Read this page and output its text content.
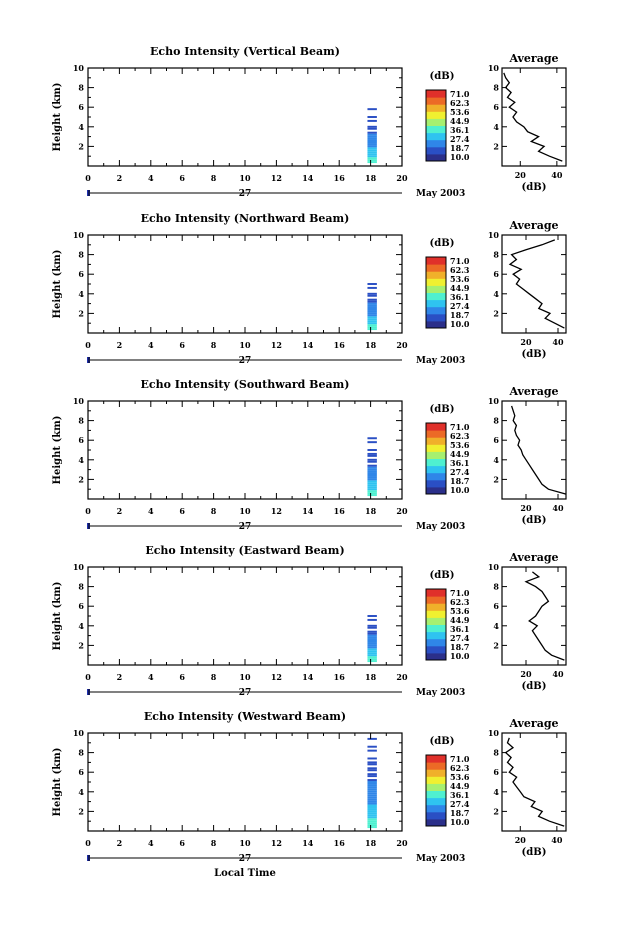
Echo Intensity (Vertical Beam)
Height (km) 2
4
6
8
10
0	2	4	6	8	10	12	14	16	18	20
27	May 2003
(dB)
71.0
62.3
53.6
44.9
36.1
27.4
18.7
10.0
Average
2
4
6
8
10
20	40
(dB)
Echo Intensity (Northward Beam)
Height (km) 2
4
6
8
10
0	2	4	6	8	10	12	14	16	18	20
27	May 2003
(dB)
71.0
62.3
53.6
44.9
36.1
27.4
18.7
10.0
Average
2
4
6
8
10
20	40
(dB)
Echo Intensity (Southward Beam)
Height (km) 2
4
6
8
10
0	2	4	6	8	10	12	14	16	18	20
27	May 2003
(dB)
71.0
62.3
53.6
44.9
36.1
27.4
18.7
10.0
Average
2
4
6
8
10
20	40
(dB)
Echo Intensity (Eastward Beam)
Height (km) 2
4
6
8
10
0	2	4	6	8	10	12	14	16	18	20
27	May 2003
(dB)
71.0
62.3
53.6
44.9
36.1
27.4
18.7
10.0
Average
2
4
6
8
10
20	40
(dB)
Echo Intensity (Westward Beam)
Height (km) 2
4
6
8
10
0	2	4	6	8	10	12	14	16	18	20
27	May 2003
(dB)
71.0
62.3
53.6
44.9
36.1
27.4
18.7
10.0
Average
2
4
6
8
10
20	40
(dB)
Local Time
